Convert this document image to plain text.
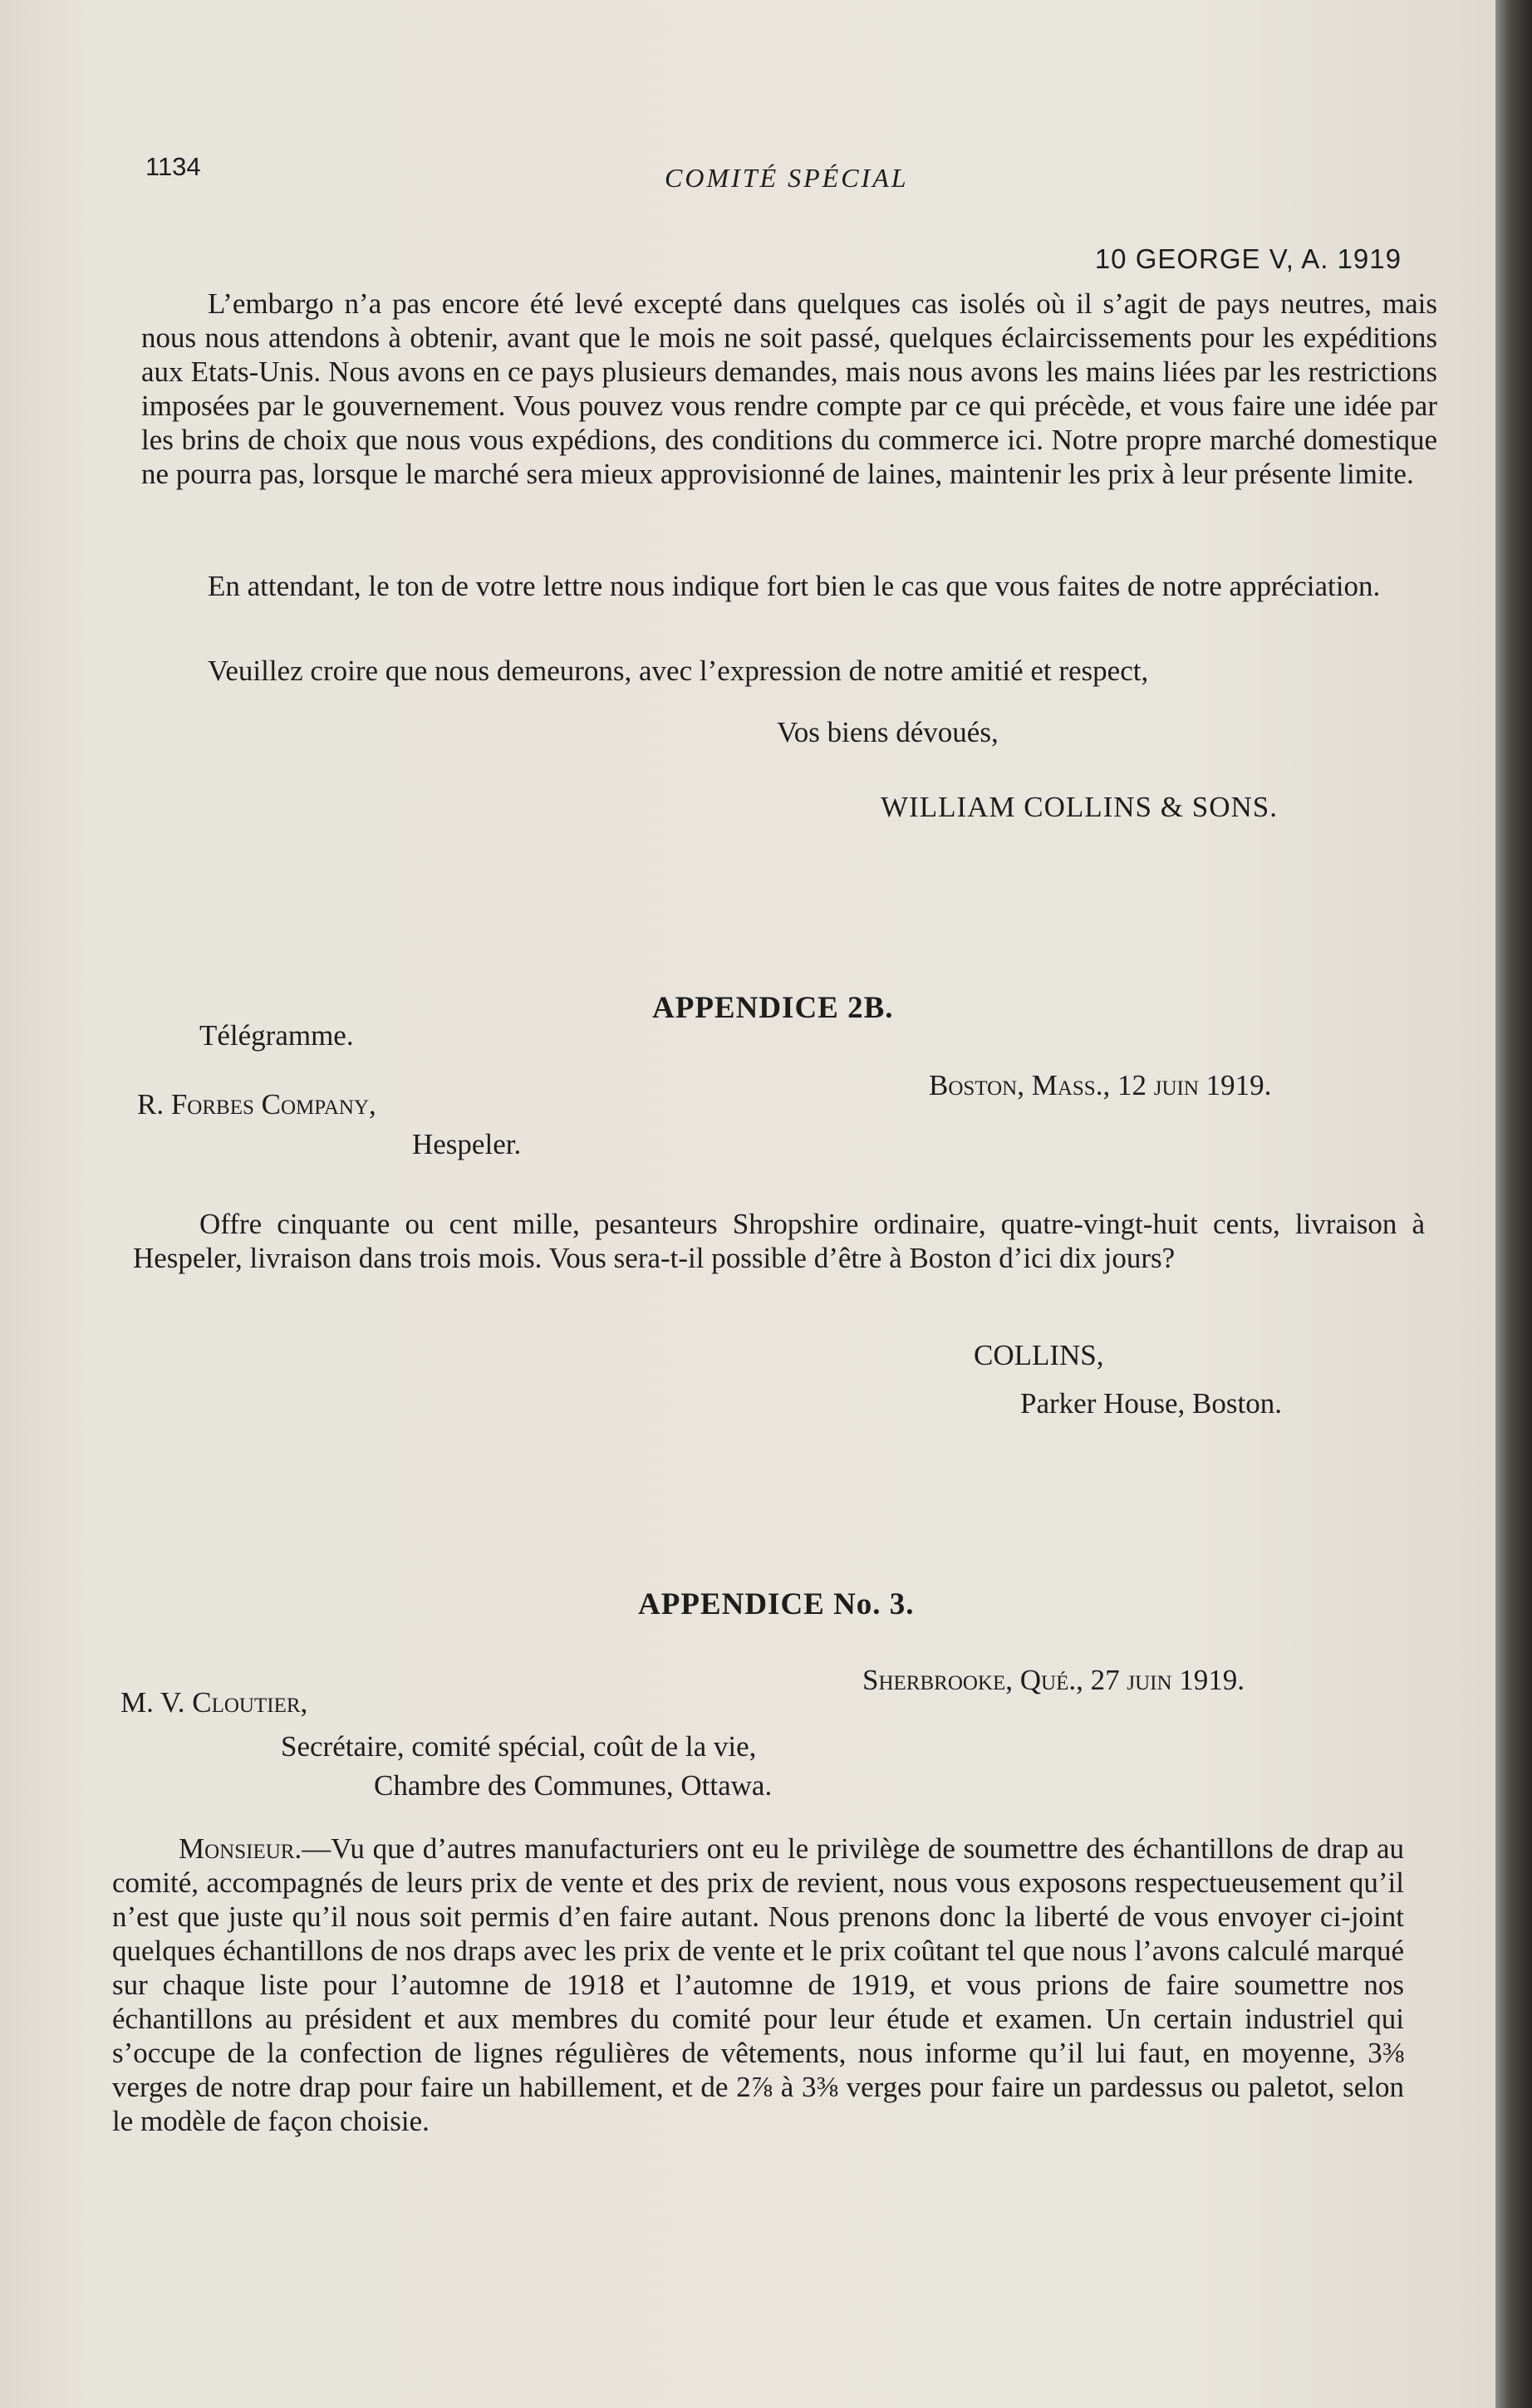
1134	COMITÉ SPÉCIAL
10 GEORGE V, A. 1919

L’embargo n’a pas encore été levé excepté dans quelques cas isolés où il s’agit de pays neutres, mais nous nous attendons à obtenir, avant que le mois ne soit passé, quelques éclaircissements pour les expéditions aux Etats-Unis. Nous avons en ce pays plusieurs demandes, mais nous avons les mains liées par les restrictions imposées par le gouvernement. Vous pouvez vous rendre compte par ce qui précède, et vous faire une idée par les brins de choix que nous vous expédions, des conditions du commerce ici. Notre propre marché domestique ne pourra pas, lorsque le marché sera mieux approvisionné de laines, maintenir les prix à leur présente limite.

En attendant, le ton de votre lettre nous indique fort bien le cas que vous faites de notre appréciation.

Veuillez croire que nous demeurons, avec l’expression de notre amitié et respect,
Vos biens dévoués,
WILLIAM COLLINS & SONS.
APPENDICE 2B.
Télégramme.
Boston, Mass., 12 juin 1919.
R. Forbes Company,
Hespeler.

Offre cinquante ou cent mille, pesanteurs Shropshire ordinaire, quatre-vingt-huit cents, livraison à Hespeler, livraison dans trois mois. Vous sera-t-il possible d’être à Boston d’ici dix jours?

COLLINS,
Parker House, Boston.
APPENDICE No. 3.
Sherbrooke, Qué., 27 juin 1919.
M. V. Cloutier,
Secrétaire, comité spécial, coût de la vie,
Chambre des Communes, Ottawa.

Monsieur.—Vu que d’autres manufacturiers ont eu le privilège de soumettre des échantillons de drap au comité, accompagnés de leurs prix de vente et des prix de revient, nous vous exposons respectueusement qu’il n’est que juste qu’il nous soit permis d’en faire autant. Nous prenons donc la liberté de vous envoyer ci-joint quelques échantillons de nos draps avec les prix de vente et le prix coûtant tel que nous l’avons calculé marqué sur chaque liste pour l’automne de 1918 et l’automne de 1919, et vous prions de faire soumettre nos échantillons au président et aux membres du comité pour leur étude et examen. Un certain industriel qui s’occupe de la confection de lignes régulières de vêtements, nous informe qu’il lui faut, en moyenne, 3⅜ verges de notre drap pour faire un habillement, et de 2⅞ à 3⅜ verges pour faire un pardessus ou paletot, selon le modèle de façon choisie.
